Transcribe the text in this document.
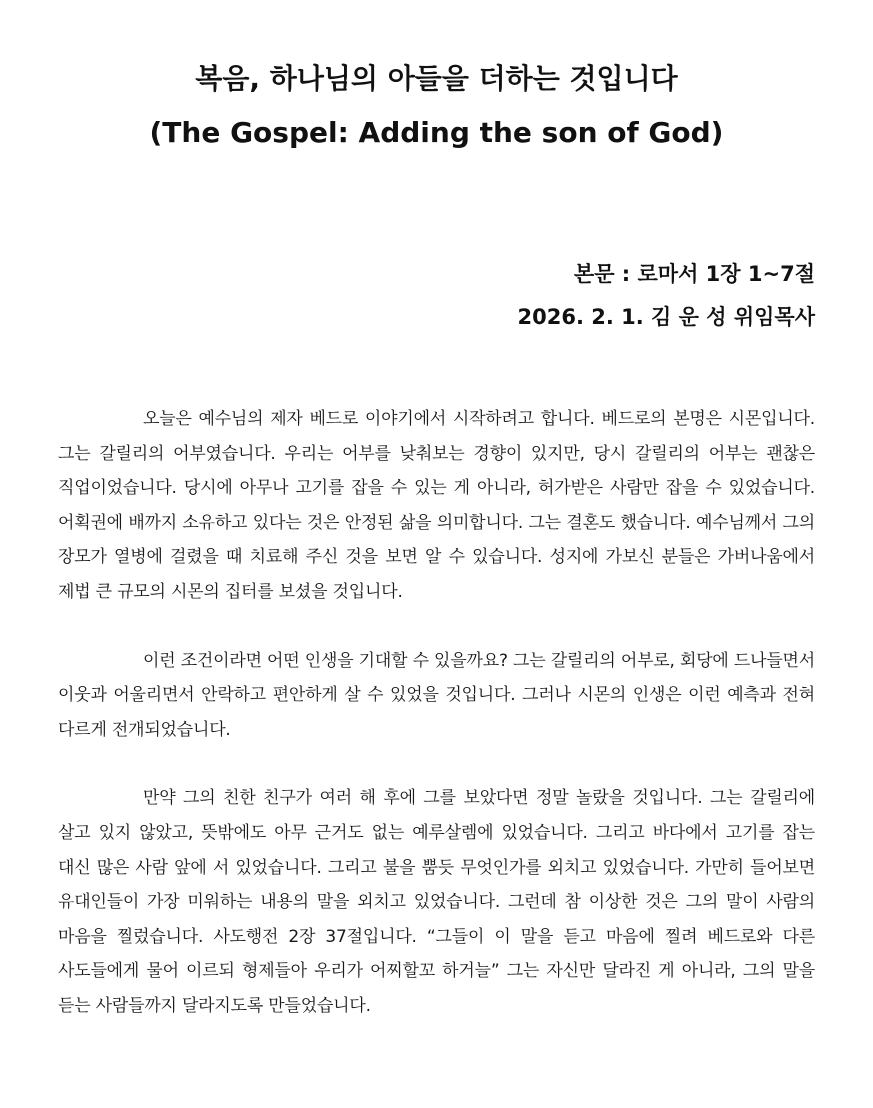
복음, 하나님의 아들을 더하는 것입니다
(The Gospel: Adding the son of God)
본문 : 로마서 1장 1~7절
2026. 2. 1. 김 운 성 위임목사

오늘은 예수님의 제자 베드로 이야기에서 시작하려고 합니다. 베드로의 본명은 시몬입니다. 그는 갈릴리의 어부였습니다. 우리는 어부를 낮춰보는 경향이 있지만, 당시 갈릴리의 어부는 괜찮은 직업이었습니다. 당시에 아무나 고기를 잡을 수 있는 게 아니라, 허가받은 사람만 잡을 수 있었습니다. 어획권에 배까지 소유하고 있다는 것은 안정된 삶을 의미합니다. 그는 결혼도 했습니다. 예수님께서 그의 장모가 열병에 걸렸을 때 치료해 주신 것을 보면 알 수 있습니다. 성지에 가보신 분들은 가버나움에서 제법 큰 규모의 시몬의 집터를 보셨을 것입니다.

이런 조건이라면 어떤 인생을 기대할 수 있을까요? 그는 갈릴리의 어부로, 회당에 드나들면서 이웃과 어울리면서 안락하고 편안하게 살 수 있었을 것입니다. 그러나 시몬의 인생은 이런 예측과 전혀 다르게 전개되었습니다.

만약 그의 친한 친구가 여러 해 후에 그를 보았다면 정말 놀랐을 것입니다. 그는 갈릴리에 살고 있지 않았고, 뜻밖에도 아무 근거도 없는 예루살렘에 있었습니다. 그리고 바다에서 고기를 잡는 대신 많은 사람 앞에 서 있었습니다. 그리고 불을 뿜듯 무엇인가를 외치고 있었습니다. 가만히 들어보면 유대인들이 가장 미워하는 내용의 말을 외치고 있었습니다. 그런데 참 이상한 것은 그의 말이 사람의 마음을 찔렀습니다. 사도행전 2장 37절입니다. “그들이 이 말을 듣고 마음에 찔려 베드로와 다른 사도들에게 물어 이르되 형제들아 우리가 어찌할꼬 하거늘” 그는 자신만 달라진 게 아니라, 그의 말을 듣는 사람들까지 달라지도록 만들었습니다.
